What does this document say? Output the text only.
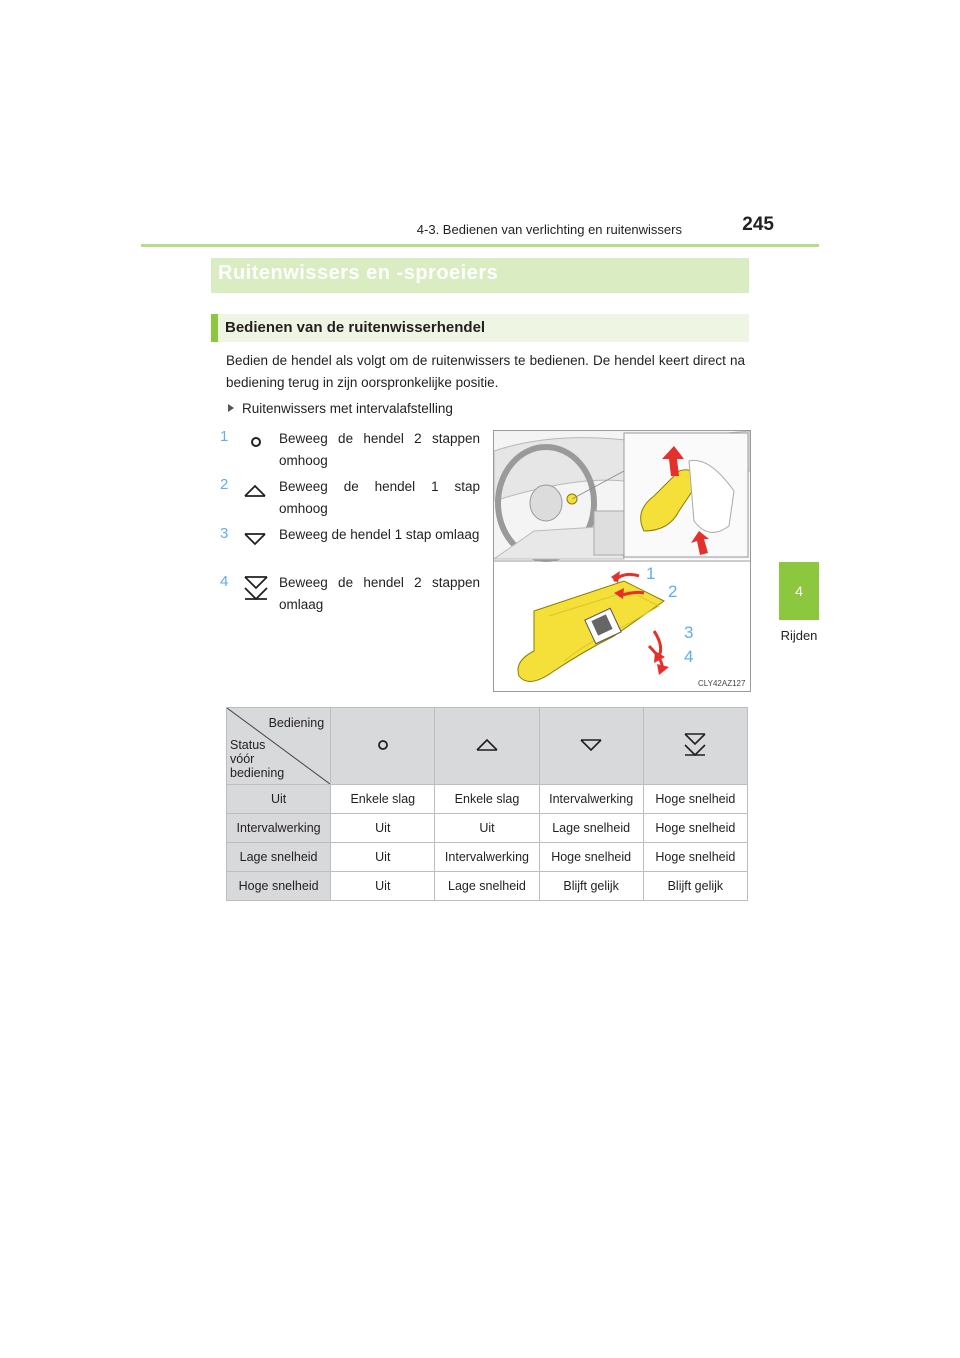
4-3. Bedienen van verlichting en ruitenwissers	245
4
Rijden
Ruitenwissers en -sproeiers
Bedienen van de ruitenwisserhendel
Bedien de hendel als volgt om de ruitenwissers te bedienen. De hendel keert direct na bediening terug in zijn oorspronkelijke positie.
Ruitenwissers met intervalafstelling
1	Beweeg de hendel 2 stappen omhoog
2	Beweeg de hendel 1 stap omhoog
3	Beweeg de hendel 1 stap omlaag
4	Beweeg de hendel 2 stappen omlaag
1
2
3
4
CLY42AZ127
Bediening
Status vóór bediening

Uit	Enkele slag	Enkele slag	Intervalwerking	Hoge snelheid
Intervalwerking	Uit	Uit	Lage snelheid	Hoge snelheid
Lage snelheid	Uit	Intervalwerking	Hoge snelheid	Hoge snelheid
Hoge snelheid	Uit	Lage snelheid	Blijft gelijk	Blijft gelijk
